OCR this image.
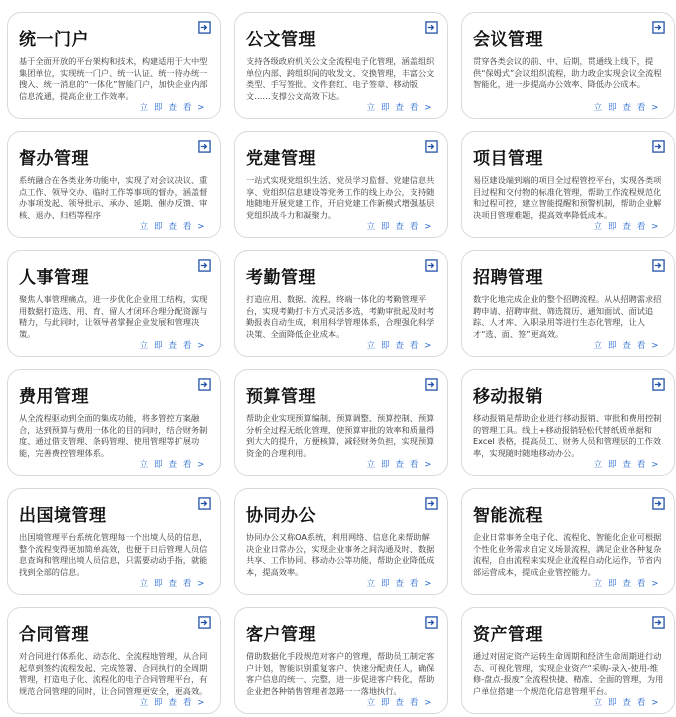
统一门户

基于全面开放的平台架构和技术，构建适用于大中型集团单位，实现统一门户、统一认证、统一待办统一搜入、统一消息的“一体化”智能门户，加快企业内部信息流通，提高企业工作效率。

立 即 查 看 >
公文管理

支持各级政府机关公文全流程电子化管理，涵盖组织单位内部、跨组织间的收发文、交换管理，丰富公文类型、手写签批、文件套红、电子签章、移动版文……支撑公文高效下达。

立 即 查 看 >
会议管理

贯穿各类会议的前、中、后期，贯通线上线下，提供“保姆式”会议组织流程，助力政企实现会议全流程智能化，进一步提高办公效率、降低办公成本。

立 即 查 看 >
督办管理

系统融合在各类业务功能中，实现了对会议决议、重点工作、领导交办、临时工作等事项的督办，涵盖督办事项发起、领导批示、承办、延期、催办反馈、审核、退办、归档等程序

立 即 查 看 >
党建管理

一站式实现党组织生活、党员学习监督、党建信息共享、党组织信息建设等党务工作的线上办公，支持随地随地开展党建工作，开启党建工作新模式增强基层党组织战斗力和凝聚力。

立 即 查 看 >
项目管理

易臣建设端到端的项目全过程管控平台，实现各类项目过程和交付物的标准化管理，帮助工作流程规范化和过程可控，建立智能提醒和预警机制，帮助企业解决项目管理难题，提高效率降低成本。

立 即 查 看 >
人事管理

聚焦人事管理痛点，进一步优化企业用工结构，实现用数据打造选、用、育、留人才闭环合理分配资源与精力，与此同时，让领导者掌握企业发展和管理决策。

立 即 查 看 >
考勤管理

打造应用、数据、流程、终端一体化的考勤管理平台，实现考勤打卡方式灵活多选，考勤审批起及时考勤报表自动生成，利用科学管理体系，合理强化科学决策、全面降低企业成本。

立 即 查 看 >
招聘管理

数字化地完成企业的整个招聘流程。从从招聘需求招聘申请、招聘审批、筛选简历、通知面试、面试追踪、人才库、入职录用等进行生态化管理，让人才“选、面、签”更高效。

立 即 查 看 >
费用管理

从全流程驱动到全面的集成功能，将多管控方案融合，达到预算与费用一体化的目的同时，结合财务制度、通过借支管理、条码管理、使用管理等扩展功能，完善费控管理体系。

立 即 查 看 >
预算管理

帮助企业实现预算编制、预算调整、预算控制、预算分析全过程无纸化管理，使预算审批的效率和质量得到大大的提升，方便核算，减轻财务负担，实现预算资金的合理利用。

立 即 查 看 >
移动报销

移动报销是帮助企业进行移动报销、审批和费用控制的管理工具。线上+移动报销轻松代替纸质单据和Excel 表格，提高员工、财务人员和管理层的工作效率，实现随时随地移动办公。

立 即 查 看 >
出国境管理

出国境管理平台系统化管理每一个出境人员的信息，整个流程变得更加简单高效，也便于日后管理人员信息查询和管理出境人员信息，只需要动动手指，就能找到全部的信息。

立 即 查 看 >
协同办公

协同办公又称OA系统，利用网络、信息化来帮助解决企业日常办公，实现企业事务之间沟通及时、数据共享、工作协同、移动办公等功能，帮助企业降低成本，提高效率。

立 即 查 看 >
智能流程

企业日常事务全电子化、流程化、智能化企业可根据个性化业务需求自定义场景流程，满足企业各种复杂流程，自由流程来实现企业流程自动化运作，节省内部运营成本，提成企业管控能力。

立 即 查 看 >
合同管理

对合同进行体系化、动态化、全流程地管理，从合同起草到签约流程发起、完成签署、合同执行的全周期管理，打造电子化、流程化的电子合同管理平台，有规范合同管理的同时，让合同管理更安全，更高效。

立 即 查 看 >
客户管理

借助数据化手段规范对客户的管理，帮助员工制定客户计划，智能识别重复客户、快速分配责任人，确保客户信息的统一、完整，进一步促进客户转化，帮助企业把各种销售管理者忽路一一落地执行。

立 即 查 看 >
资产管理

通过对固定资产运转生命周期和经济生命周期进行动态、可视化管理，实现企业资产“采购-录入-使用-维修-盘点-报废”全流程快捷、精准、全面的管理，为用户单位搭建一个规范化信息管理平台。

立 即 查 看 >
